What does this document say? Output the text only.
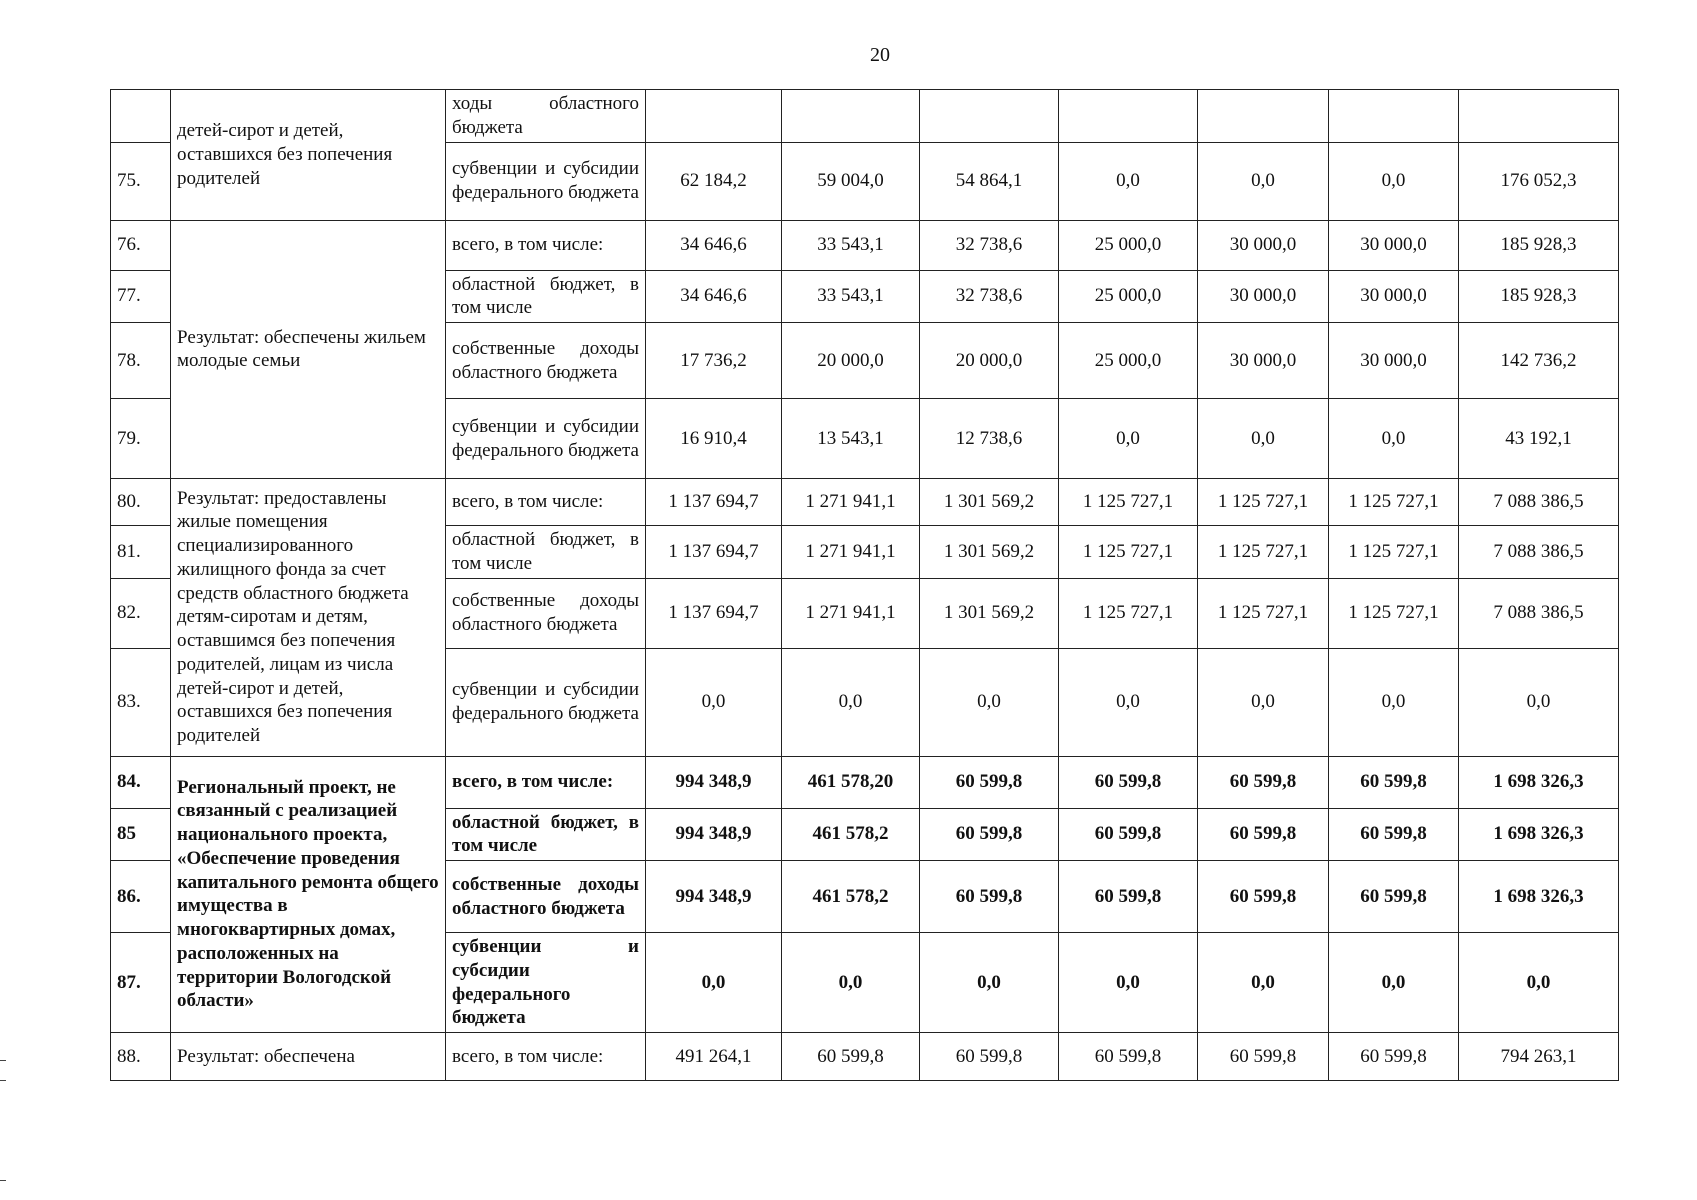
20
	детей-сирот и детей, оставшихся без попечения родителей	ходы областного бюджета							
75.		субвенции и субсидии федерального бюджета	62 184,2	59 004,0	54 864,1	0,0	0,0	0,0	176 052,3
76.	Результат: обеспечены жильем молодые семьи	всего, в том числе:	34 646,6	33 543,1	32 738,6	25 000,0	30 000,0	30 000,0	185 928,3
77.		областной бюджет, в том числе	34 646,6	33 543,1	32 738,6	25 000,0	30 000,0	30 000,0	185 928,3
78.		собственные доходы областного бюджета	17 736,2	20 000,0	20 000,0	25 000,0	30 000,0	30 000,0	142 736,2
79.		субвенции и субсидии федерального бюджета	16 910,4	13 543,1	12 738,6	0,0	0,0	0,0	43 192,1
80.	Результат: предоставлены жилые помещения специализированного жилищного фонда за счет средств областного бюджета детям-сиротам и детям, оставшимся без попечения родителей, лицам из числа детей-сирот и детей, оставшихся без попечения родителей	всего, в том числе:	1 137 694,7	1 271 941,1	1 301 569,2	1 125 727,1	1 125 727,1	1 125 727,1	7 088 386,5
81.		областной бюджет, в том числе	1 137 694,7	1 271 941,1	1 301 569,2	1 125 727,1	1 125 727,1	1 125 727,1	7 088 386,5
82.		собственные доходы областного бюджета	1 137 694,7	1 271 941,1	1 301 569,2	1 125 727,1	1 125 727,1	1 125 727,1	7 088 386,5
83.		субвенции и субсидии федерального бюджета	0,0	0,0	0,0	0,0	0,0	0,0	0,0
84.	Региональный проект, не связанный с реализацией национального проекта, «Обеспечение проведения капитального ремонта общего имущества в многоквартирных домах, расположенных на территории Вологодской области»	всего, в том числе:	994 348,9	461 578,20	60 599,8	60 599,8	60 599,8	60 599,8	1 698 326,3
85		областной бюджет, в том числе	994 348,9	461 578,2	60 599,8	60 599,8	60 599,8	60 599,8	1 698 326,3
86.		собственные доходы областного бюджета	994 348,9	461 578,2	60 599,8	60 599,8	60 599,8	60 599,8	1 698 326,3
87.		субвенции и субсидии федерального бюджета	0,0	0,0	0,0	0,0	0,0	0,0	0,0
88.	Результат: обеспечена	всего, в том числе:	491 264,1	60 599,8	60 599,8	60 599,8	60 599,8	60 599,8	794 263,1
